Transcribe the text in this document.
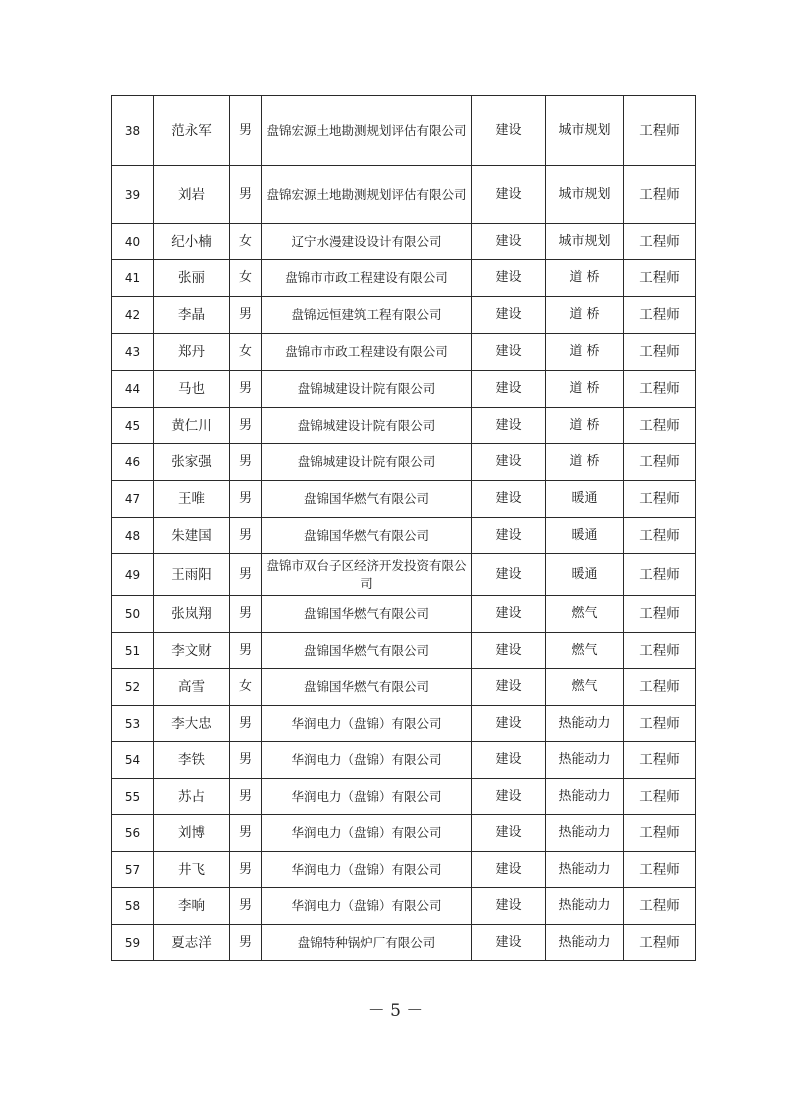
38	范永军	男	盘锦宏源土地勘测规划评估有限公司	建设	城市规划	工程师
39	刘岩	男	盘锦宏源土地勘测规划评估有限公司	建设	城市规划	工程师
40	纪小楠	女	辽宁水漫建设设计有限公司	建设	城市规划	工程师
41	张丽	女	盘锦市市政工程建设有限公司	建设	道 桥	工程师
42	李晶	男	盘锦远恒建筑工程有限公司	建设	道 桥	工程师
43	郑丹	女	盘锦市市政工程建设有限公司	建设	道 桥	工程师
44	马也	男	盘锦城建设计院有限公司	建设	道 桥	工程师
45	黄仁川	男	盘锦城建设计院有限公司	建设	道 桥	工程师
46	张家强	男	盘锦城建设计院有限公司	建设	道 桥	工程师
47	王唯	男	盘锦国华燃气有限公司	建设	暖通	工程师
48	朱建国	男	盘锦国华燃气有限公司	建设	暖通	工程师
49	王雨阳	男	盘锦市双台子区经济开发投资有限公司	建设	暖通	工程师
50	张岚翔	男	盘锦国华燃气有限公司	建设	燃气	工程师
51	李文财	男	盘锦国华燃气有限公司	建设	燃气	工程师
52	高雪	女	盘锦国华燃气有限公司	建设	燃气	工程师
53	李大忠	男	华润电力（盘锦）有限公司	建设	热能动力	工程师
54	李铁	男	华润电力（盘锦）有限公司	建设	热能动力	工程师
55	苏占	男	华润电力（盘锦）有限公司	建设	热能动力	工程师
56	刘博	男	华润电力（盘锦）有限公司	建设	热能动力	工程师
57	井飞	男	华润电力（盘锦）有限公司	建设	热能动力	工程师
58	李响	男	华润电力（盘锦）有限公司	建设	热能动力	工程师
59	夏志洋	男	盘锦特种锅炉厂有限公司	建设	热能动力	工程师
－ 5 －
